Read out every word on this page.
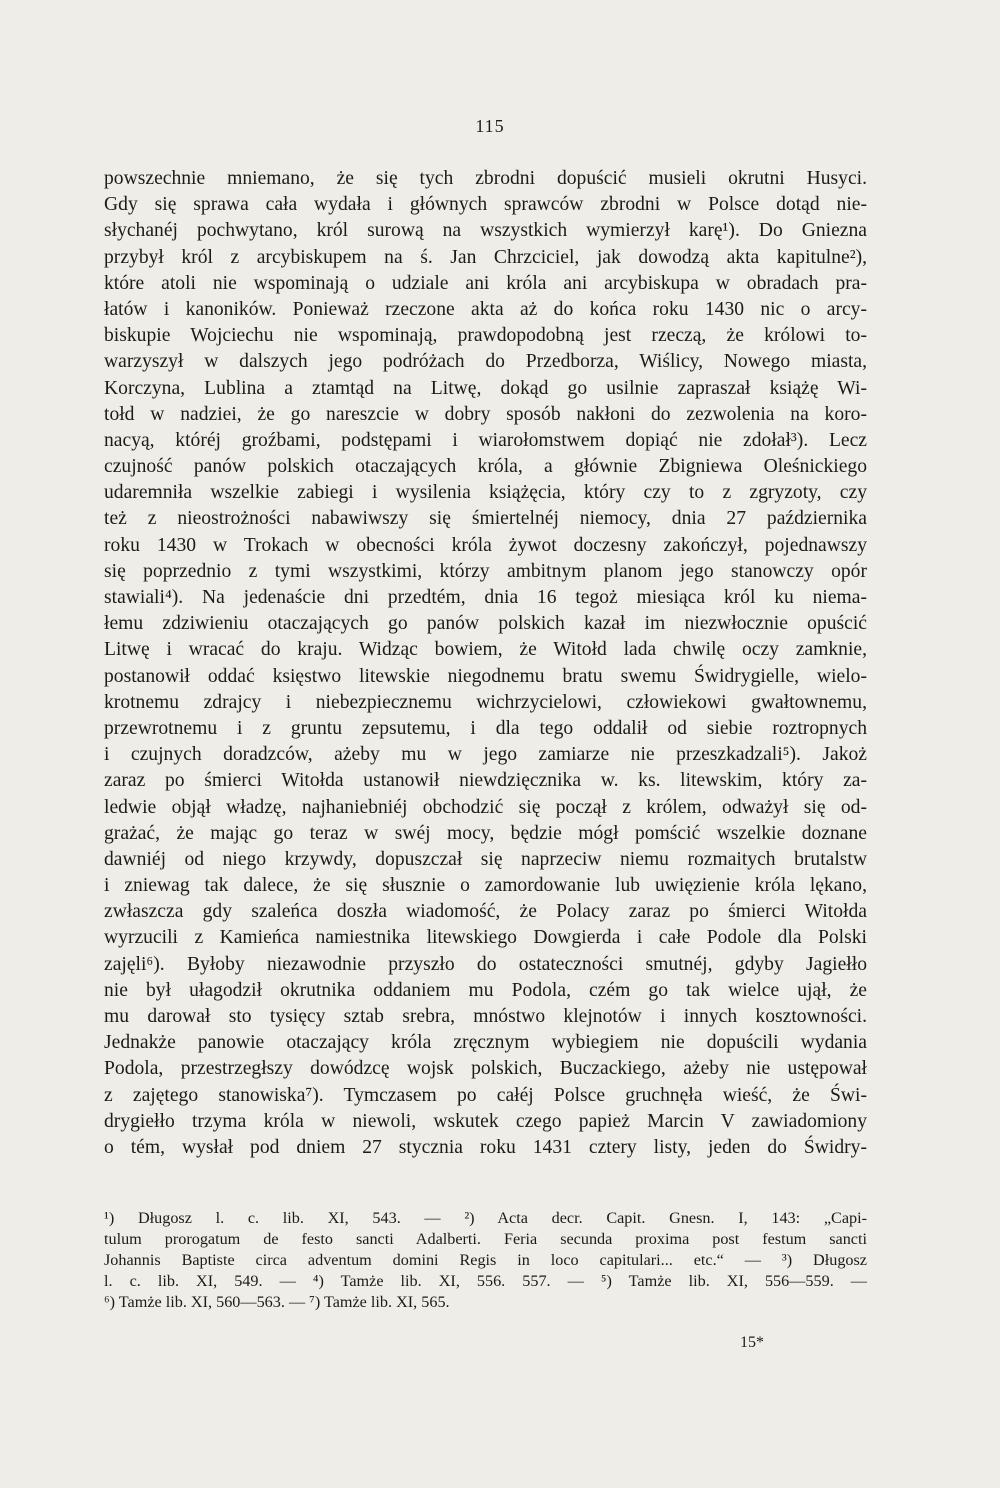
115
powszechnie mniemano, że się tych zbrodni dopuścić musieli okrutni Husyci.
Gdy się sprawa cała wydała i głównych sprawców zbrodni w Polsce dotąd nie-
słychanéj pochwytano, król surową na wszystkich wymierzył karę¹). Do Gniezna
przybył król z arcybiskupem na ś. Jan Chrzciciel, jak dowodzą akta kapitulne²),
które atoli nie wspominają o udziale ani króla ani arcybiskupa w obradach pra-
łatów i kanoników. Ponieważ rzeczone akta aż do końca roku 1430 nic o arcy-
biskupie Wojciechu nie wspominają, prawdopodobną jest rzeczą, że królowi to-
warzyszył w dalszych jego podróżach do Przedborza, Wiślicy, Nowego miasta,
Korczyna, Lublina a ztamtąd na Litwę, dokąd go usilnie zapraszał książę Wi-
tołd w nadziei, że go nareszcie w dobry sposób nakłoni do zezwolenia na koro-
nacyą, któréj groźbami, podstępami i wiarołomstwem dopiąć nie zdołał³). Lecz
czujność panów polskich otaczających króla, a głównie Zbigniewa Oleśnickiego
udaremniła wszelkie zabiegi i wysilenia książęcia, który czy to z zgryzoty, czy
też z nieostrożności nabawiwszy się śmiertelnéj niemocy, dnia 27 październik​a
roku 1430 w Trokach w obecności króla żywot doczesny zakończył, pojednawszy
się poprzednio z tymi wszystkimi, którzy ambitnym planom jego stanowczy opór
stawiali⁴). Na jedenaście dni przedtém, dnia 16 tegoż miesiąca król ku niema-
łemu zdziwieniu otaczających go panów polskich kazał im niezwłocznie opuścić
Litwę i wracać do kraju. Widząc bowiem, że Witołd lada chwilę oczy zamknie,
postanowił oddać księstwo litewskie niegodnemu bratu swemu Świdrygielle, wielo-
krotnemu zdrajcy i niebezpiecznemu wichrzycielowi, człowiekowi gwałtownemu,
przewrotnemu i z gruntu zepsutemu, i dla tego oddalił od siebie roztropnych
i czujnych doradzców, ażeby mu w jego zamiarze nie przeszkadzali⁵). Jakoż
zaraz po śmierci Witołda ustanowił niewdzięcznika w. ks. litewskim, który za-
ledwie objął władzę, najhaniebniéj obchodzić się począł z królem, odważył się od-
grażać, że mając go teraz w swéj mocy, będzie mógł pomścić wszelkie doznane
dawniéj od niego krzywdy, dopuszczał się naprzeciw niemu rozmaitych brutalstw
i zniewag tak dalece, że się słusznie o zamordowanie lub uwięzienie króla lękano,
zwłaszcza gdy szaleńca doszła wiadomość, że Polacy zaraz po śmierci Witołda
wyrzucili z Kamieńca namiestnika litewskiego Dowgierda i całe Podole dla Polski
zajęli⁶). Byłoby niezawodnie przyszło do ostateczności smutnéj, gdyby Jagiełło
nie był ułagodził okrutnika oddaniem mu Podola, czém go tak wielce ujął, że
mu darował sto tysięcy sztab srebra, mnóstwo klejnotów i innych kosztowności.
Jednakże panowie otaczający króla zręcznym wybiegiem nie dopuścili wydania
Podola, przestrzegłszy dowódzcę wojsk polskich, Buczackiego, ażeby nie ustępował
z zajętego stanowiska⁷). Tymczasem po całéj Polsce gruchnęła wieść, że Świ-
drygiełło trzyma króla w niewoli, wskutek czego papież Marcin V zawiadomiony
o tém, wysłał pod dniem 27 stycznia roku 1431 cztery listy, jeden do Świdry-
¹) Długosz l. c. lib. XI, 543. — ²) Acta decr. Capit. Gnesn. I, 143: „Capi-
tulum prorogatum de festo sancti Adalberti. Feria secunda proxima post festum sancti
Johannis Baptiste circa adventum domini Regis in loco capitulari... etc.“ — ³) Długosz
l. c. lib. XI, 549. — ⁴) Tamże lib. XI, 556. 557. — ⁵) Tamże lib. XI, 556—559. —
⁶) Tamże lib. XI, 560—563. — ⁷) Tamże lib. XI, 565.
15*
